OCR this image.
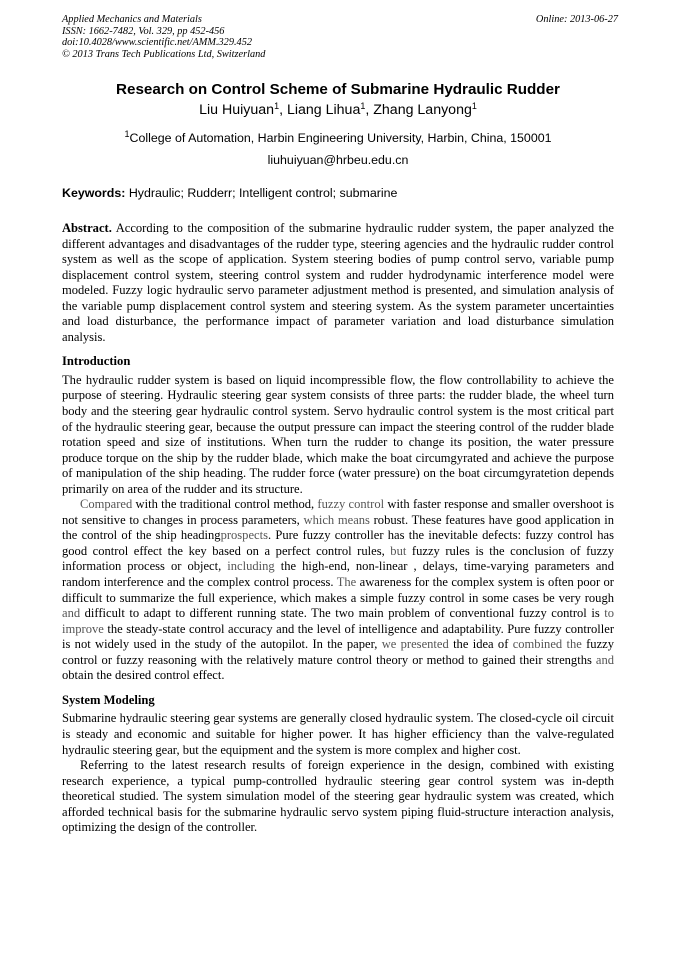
Applied Mechanics and Materials
ISSN: 1662-7482, Vol. 329, pp 452-456
doi:10.4028/www.scientific.net/AMM.329.452
© 2013 Trans Tech Publications Ltd, Switzerland
Online: 2013-06-27
Research on Control Scheme of Submarine Hydraulic Rudder
Liu Huiyuan$^1$, Liang Lihua$^1$, Zhang Lanyong$^1$
$^1$College of Automation, Harbin Engineering University, Harbin, China, 150001
liuhuiyuan@hrbeu.edu.cn
Keywords: Hydraulic; Rudderr; Intelligent control; submarine

Abstract. According to the composition of the submarine hydraulic rudder system, the paper analyzed the different advantages and disadvantages of the rudder type, steering agencies and the hydraulic rudder control system as well as the scope of application. System steering bodies of pump control servo, variable pump displacement control system, steering control system and rudder hydrodynamic interference model were modeled. Fuzzy logic hydraulic servo parameter adjustment method is presented, and simulation analysis of the variable pump displacement control system and steering system. As the system parameter uncertainties and load disturbance, the performance impact of parameter variation and load disturbance simulation analysis.

Introduction

The hydraulic rudder system is based on liquid incompressible flow, the flow controllability to achieve the purpose of steering. Hydraulic steering gear system consists of three parts: the rudder blade, the wheel turn body and the steering gear hydraulic control system. Servo hydraulic control system is the most critical part of the hydraulic steering gear, because the output pressure can impact the steering control of the rudder blade rotation speed and size of institutions. When turn the rudder to change its position, the water pressure produce torque on the ship by the rudder blade, which make the boat circumgyrated and achieve the purpose of manipulation of the ship heading. The rudder force (water pressure) on the boat circumgyratetion depends primarily on area of the rudder and its structure.

Compared with the traditional control method, fuzzy control with faster response and smaller overshoot is not sensitive to changes in process parameters, which means robust. These features have good application in the control of the ship headingprospects. Pure fuzzy controller has the inevitable defects: fuzzy control has good control effect the key based on a perfect control rules, but fuzzy rules is the conclusion of fuzzy information process or object, including the high-end, non-linear , delays, time-varying parameters and random interference and the complex control process. The awareness for the complex system is often poor or difficult to summarize the full experience, which makes a simple fuzzy control in some cases be very rough and difficult to adapt to different running state. The two main problem of conventional fuzzy control is to improve the steady-state control accuracy and the level of intelligence and adaptability. Pure fuzzy controller is not widely used in the study of the autopilot. In the paper, we presented the idea of combined the fuzzy control or fuzzy reasoning with the relatively mature control theory or method to gained their strengths and obtain the desired control effect.

System Modeling

Submarine hydraulic steering gear systems are generally closed hydraulic system. The closed-cycle oil circuit is steady and economic and suitable for higher power. It has higher efficiency than the valve-regulated hydraulic steering gear, but the equipment and the system is more complex and higher cost.

Referring to the latest research results of foreign experience in the design, combined with existing research experience, a typical pump-controlled hydraulic steering gear control system was in-depth theoretical studied. The system simulation model of the steering gear hydraulic system was created, which afforded technical basis for the submarine hydraulic servo system piping fluid-structure interaction analysis, optimizing the design of the controller.
